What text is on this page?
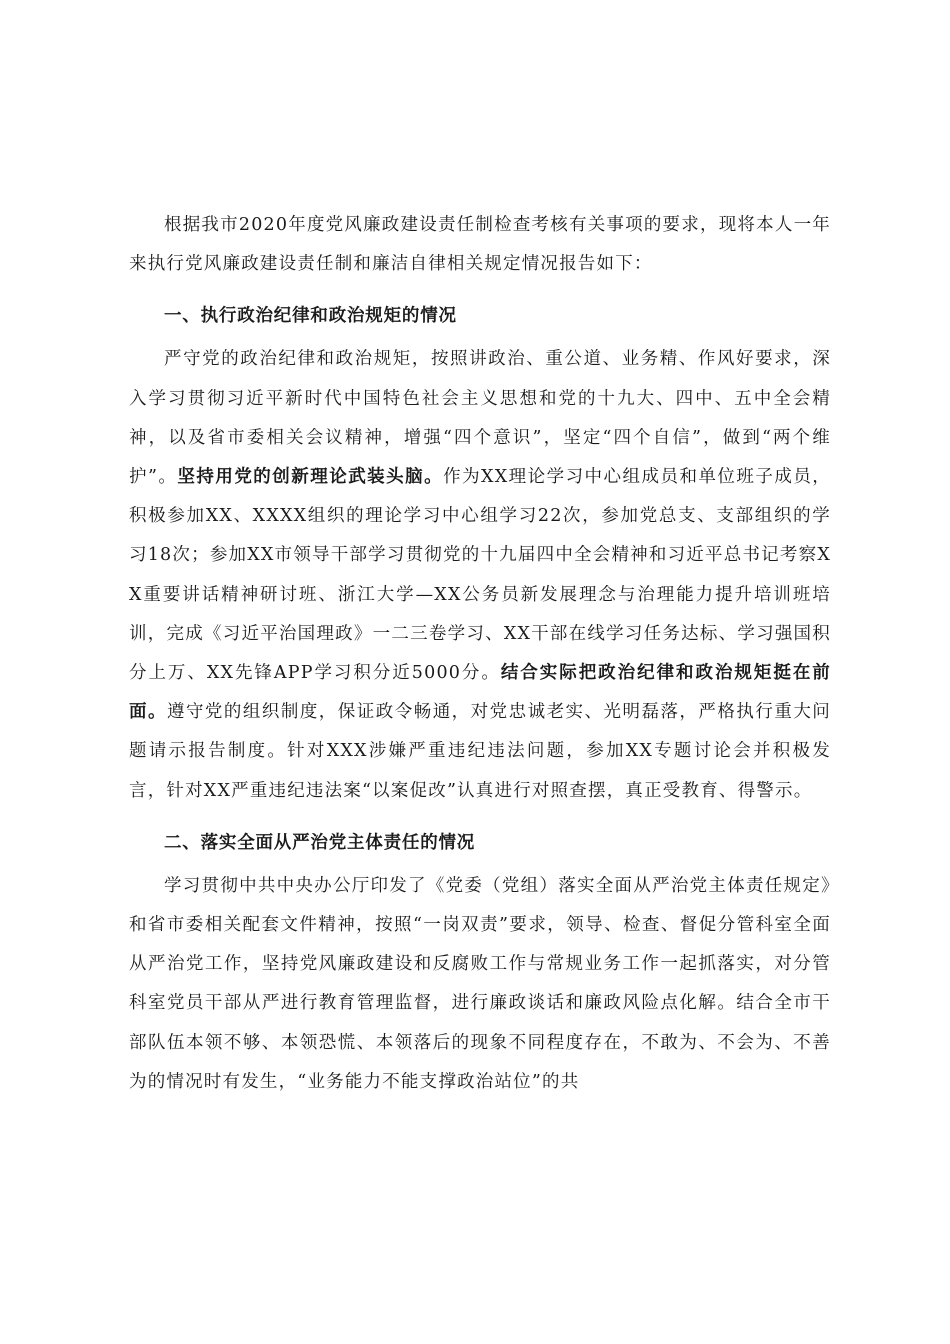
根据我市2020年度党风廉政建设责任制检查考核有关事项的要求，现将本人一年来执行党风廉政建设责任制和廉洁自律相关规定情况报告如下：

一、执行政治纪律和政治规矩的情况

严守党的政治纪律和政治规矩，按照讲政治、重公道、业务精、作风好要求，深入学习贯彻习近平新时代中国特色社会主义思想和党的十九大、四中、五中全会精神，以及省市委相关会议精神，增强“四个意识”，坚定“四个自信”，做到“两个维护”。坚持用党的创新理论武装头脑。作为XX理论学习中心组成员和单位班子成员，积极参加XX、XXXX组织的理论学习中心组学习22次，参加党总支、支部组织的学习18次；参加XX市领导干部学习贯彻党的十九届四中全会精神和习近平总书记考察XX重要讲话精神研讨班、浙江大学—XX公务员新发展理念与治理能力提升培训班培训，完成《习近平治国理政》一二三卷学习、XX干部在线学习任务达标、学习强国积分上万、XX先锋APP学习积分近5000分。结合实际把政治纪律和政治规矩挺在前面。遵守党的组织制度，保证政令畅通，对党忠诚老实、光明磊落，严格执行重大问题请示报告制度。针对XXX涉嫌严重违纪违法问题，参加XX专题讨论会并积极发言，针对XX严重违纪违法案“以案促改”认真进行对照查摆，真正受教育、得警示。

二、落实全面从严治党主体责任的情况

学习贯彻中共中央办公厅印发了《党委（党组）落实全面从严治党主体责任规定》和省市委相关配套文件精神，按照“一岗双责”要求，领导、检查、督促分管科室全面从严治党工作，坚持党风廉政建设和反腐败工作与常规业务工作一起抓落实，对分管科室党员干部从严进行教育管理监督，进行廉政谈话和廉政风险点化解。结合全市干部队伍本领不够、本领恐慌、本领落后的现象不同程度存在，不敢为、不会为、不善为的情况时有发生，“业务能力不能支撑政治站位”的共
